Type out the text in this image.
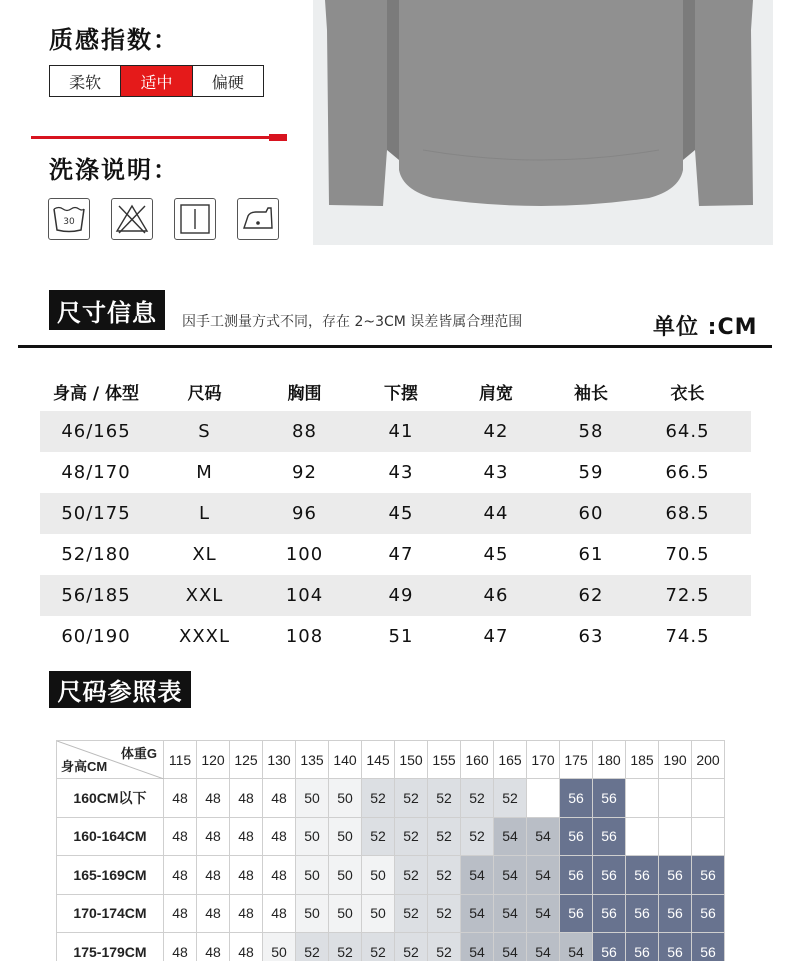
质感指数：
柔软	适中	偏硬
洗涤说明：
30
尺寸信息	因手工测量方式不同，存在 2~3CM 误差皆属合理范围	单位 :CM
身高 / 体型	尺码	胸围	下摆	肩宽	袖长	衣长
46/165	S	88	41	42	58	64.5
48/170	M	92	43	43	59	66.5
50/175	L	96	45	44	60	68.5
52/180	XL	100	47	45	61	70.5
56/185	XXL	104	49	46	62	72.5
60/190	XXXL	108	51	47	63	74.5
尺码参照表
体重G
身高CM	115	120	125	130	135	140	145	150	155	160	165	170	175	180	185	190	200
160CM以下	48	48	48	48	50	50	52	52	52	52	52		56	56			
160-164CM	48	48	48	48	50	50	52	52	52	52	54	54	56	56			
165-169CM	48	48	48	48	50	50	50	52	52	54	54	54	56	56	56	56	56
170-174CM	48	48	48	48	50	50	50	52	52	54	54	54	56	56	56	56	56
175-179CM	48	48	48	50	52	52	52	52	52	54	54	54	54	56	56	56	56
